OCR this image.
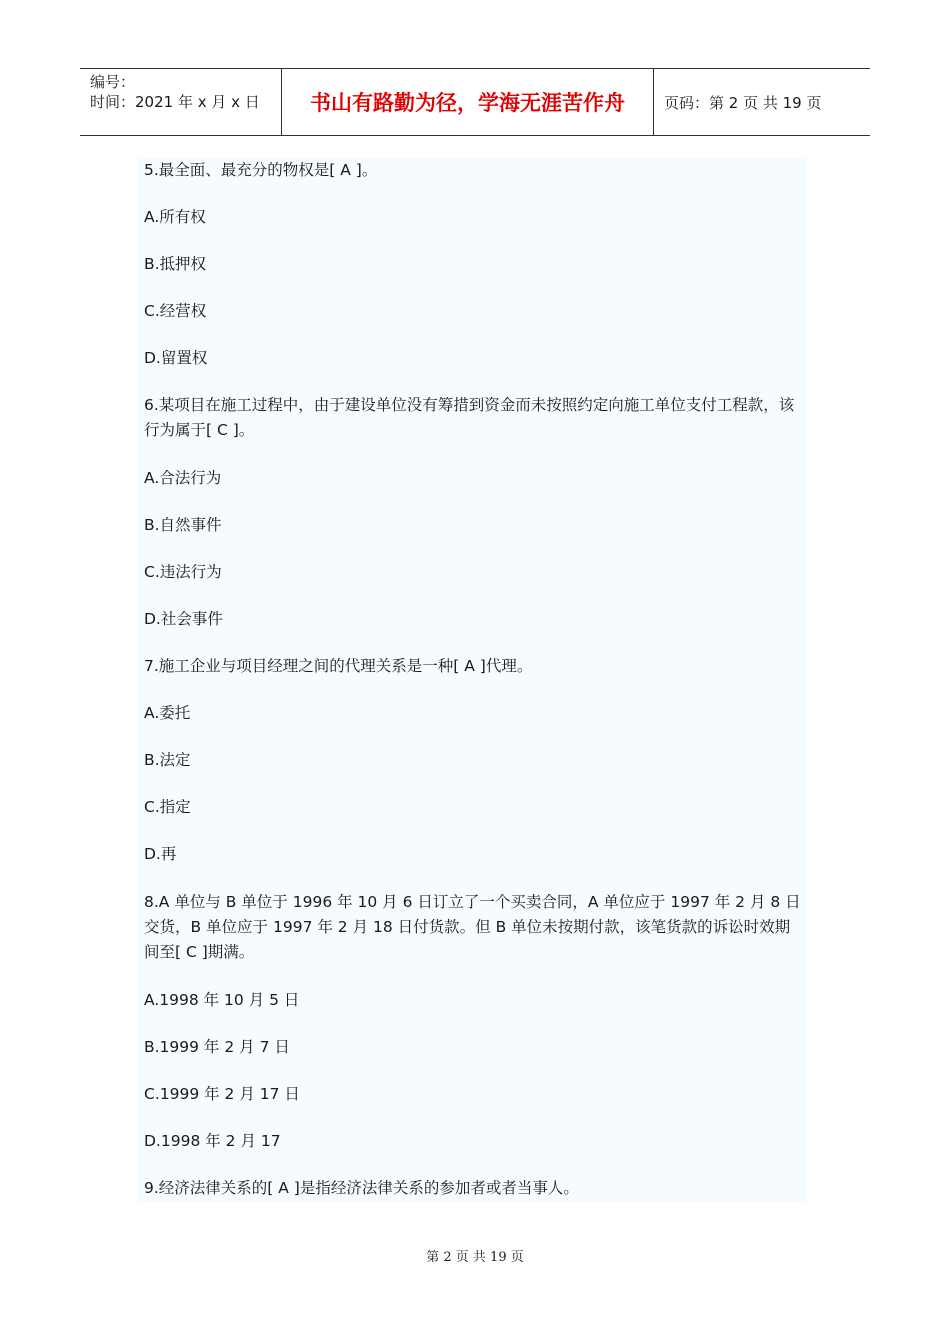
编号：
时间：2021 年 x 月 x 日	书山有路勤为径，学海无涯苦作舟	页码：第 2 页 共 19 页
5.最全面、最充分的物权是[ A ]。
A.所有权
B.抵押权
C.经营权
D.留置权
6.某项目在施工过程中，由于建设单位没有筹措到资金而未按照约定向施工单位支付工程款，该行为属于[ C ]。
A.合法行为
B.自然事件
C.违法行为
D.社会事件
7.施工企业与项目经理之间的代理关系是一种[ A ]代理。
A.委托
B.法定
C.指定
D.再
8.A 单位与 B 单位于 1996 年 10 月 6 日订立了一个买卖合同，A 单位应于 1997 年 2 月 8 日交货，B 单位应于 1997 年 2 月 18 日付货款。但 B 单位未按期付款，该笔货款的诉讼时效期间至[ C ]期满。
A.1998 年 10 月 5 日
B.1999 年 2 月 7 日
C.1999 年 2 月 17 日
D.1998 年 2 月 17
9.经济法律关系的[ A ]是指经济法律关系的参加者或者当事人。
第 2 页 共 19 页
